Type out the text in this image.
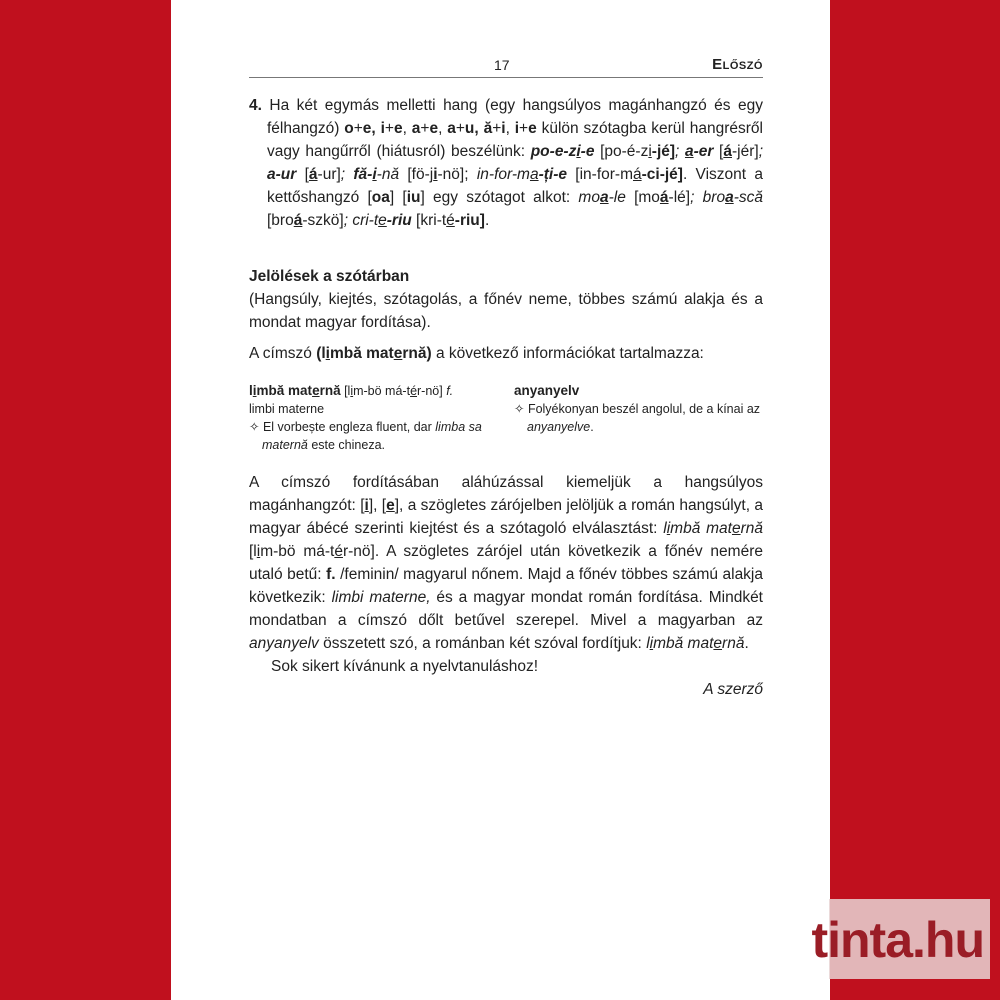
17	Előszó

4. Ha két egymás melletti hang (egy hangsúlyos magánhangzó és egy félhangzó) o+e, i+e, a+e, a+u, ă+i, i+e külön szótagba kerül hangrésről vagy hangűrről (hiátusról) beszélünk: po-e-zi-e [po-é-zi-jé]; a-er [á-jér]; a-ur [á-ur]; fă-i-nă [fö-ji-nö]; in-for-ma-ți-e [in-for-má-ci-jé]. Viszont a kettőshangzó [oa] [iu] egy szótagot alkot: moa-le [moá-lé]; broa-scă [broá-szkö]; cri-te-riu [kri-té-riu].

Jelölések a szótárban

(Hangsúly, kiejtés, szótagolás, a főnév neme, többes számú alakja és a mondat magyar fordítása).

A címszó (limbă maternă) a következő információkat tartalmazza:

limbă maternă [lim-bö má-tér-nö] f.
limbi materne
✧ El vorbește engleza fluent, dar limba sa maternă este chineza.
anyanyelv
✧ Folyékonyan beszél angolul, de a kínai az anyanyelve.

A címszó fordításában aláhúzással kiemeljük a hangsúlyos magánhangzót: [i], [e], a szögletes zárójelben jelöljük a román hangsúlyt, a magyar ábécé szerinti kiejtést és a szótagoló elválasztást: limbă maternă [lim-bö má-tér-nö]. A szögletes zárójel után következik a főnév nemére utaló betű: f. /feminin/ magyarul nőnem. Majd a főnév többes számú alakja következik: limbi materne, és a magyar mondat román fordítása. Mindkét mondatban a címszó dőlt betűvel szerepel. Mivel a magyarban az anyanyelv összetett szó, a románban két szóval fordítjuk: limbă maternă.

Sok sikert kívánunk a nyelvtanuláshoz!

A szerző

tinta.hu
